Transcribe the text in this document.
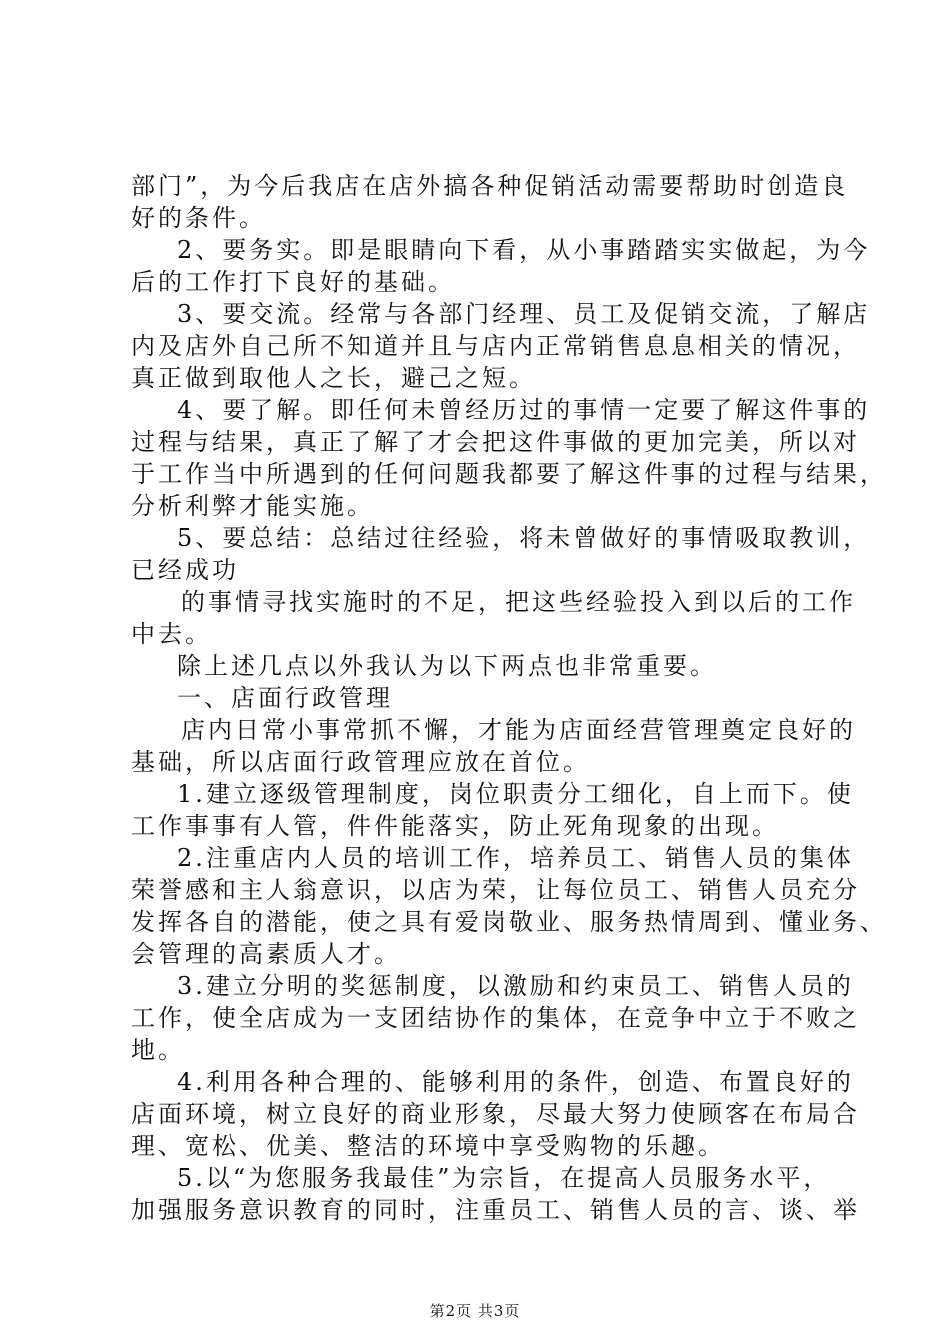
部门”，为今后我店在店外搞各种促销活动需要帮助时创造良
好的条件。
2、要务实。即是眼睛向下看，从小事踏踏实实做起，为今
后的工作打下良好的基础。
3、要交流。经常与各部门经理、员工及促销交流，了解店
内及店外自己所不知道并且与店内正常销售息息相关的情况，
真正做到取他人之长，避己之短。
4、要了解。即任何未曾经历过的事情一定要了解这件事的
过程与结果，真正了解了才会把这件事做的更加完美，所以对
于工作当中所遇到的任何问题我都要了解这件事的过程与结果，
分析利弊才能实施。
5、要总结：总结过往经验，将未曾做好的事情吸取教训，
已经成功
的事情寻找实施时的不足，把这些经验投入到以后的工作
中去。
除上述几点以外我认为以下两点也非常重要。
一、店面行政管理
店内日常小事常抓不懈，才能为店面经营管理奠定良好的
基础，所以店面行政管理应放在首位。
1.建立逐级管理制度，岗位职责分工细化，自上而下。使
工作事事有人管，件件能落实，防止死角现象的出现。
2.注重店内人员的培训工作，培养员工、销售人员的集体
荣誉感和主人翁意识，以店为荣，让每位员工、销售人员充分
发挥各自的潜能，使之具有爱岗敬业、服务热情周到、懂业务、
会管理的高素质人才。
3.建立分明的奖惩制度，以激励和约束员工、销售人员的
工作，使全店成为一支团结协作的集体，在竞争中立于不败之
地。
4.利用各种合理的、能够利用的条件，创造、布置良好的
店面环境，树立良好的商业形象，尽最大努力使顾客在布局合
理、宽松、优美、整洁的环境中享受购物的乐趣。
5.以“为您服务我最佳”为宗旨，在提高人员服务水平，
加强服务意识教育的同时，注重员工、销售人员的言、谈、举
第2页 共3页
